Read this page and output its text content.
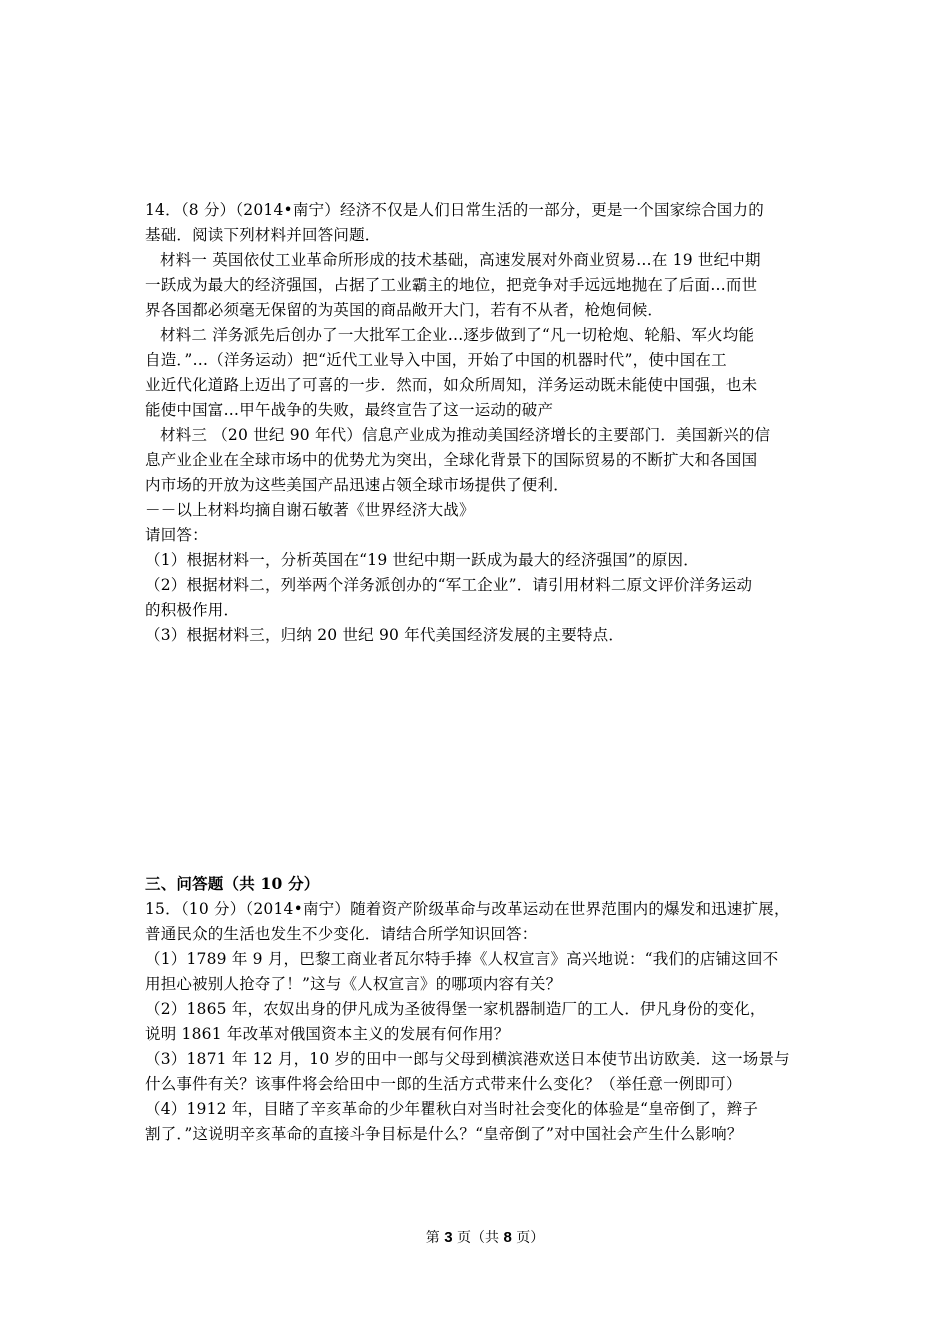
14．（8 分）（2014•南宁）经济不仅是人们日常生活的一部分，更是一个国家综合国力的
基础．阅读下列材料并回答问题．
材料一 英国依仗工业革命所形成的技术基础，高速发展对外商业贸易…在 19 世纪中期
一跃成为最大的经济强国，占据了工业霸主的地位，把竞争对手远远地抛在了后面…而世
界各国都必须毫无保留的为英国的商品敞开大门，若有不从者，枪炮伺候．
材料二 洋务派先后创办了一大批军工企业…逐步做到了“凡一切枪炮、轮船、军火均能
自造．”…（洋务运动）把“近代工业导入中国，开始了中国的机器时代”，使中国在工
业近代化道路上迈出了可喜的一步．然而，如众所周知，洋务运动既未能使中国强，也未
能使中国富…甲午战争的失败，最终宣告了这一运动的破产
材料三 （20 世纪 90 年代）信息产业成为推动美国经济增长的主要部门．美国新兴的信
息产业企业在全球市场中的优势尤为突出，全球化背景下的国际贸易的不断扩大和各国国
内市场的开放为这些美国产品迅速占领全球市场提供了便利．
－－以上材料均摘自谢石敏著《世界经济大战》
请回答：
（1）根据材料一，分析英国在“19 世纪中期一跃成为最大的经济强国”的原因．
（2）根据材料二，列举两个洋务派创办的“军工企业”．请引用材料二原文评价洋务运动
的积极作用．
（3）根据材料三，归纳 20 世纪 90 年代美国经济发展的主要特点．
三、问答题（共 10 分）
15．（10 分）（2014•南宁）随着资产阶级革命与改革运动在世界范围内的爆发和迅速扩展，
普通民众的生活也发生不少变化．请结合所学知识回答：
（1）1789 年 9 月，巴黎工商业者瓦尔特手捧《人权宣言》高兴地说：“我们的店铺这回不
用担心被别人抢夺了！”这与《人权宣言》的哪项内容有关？
（2）1865 年，农奴出身的伊凡成为圣彼得堡一家机器制造厂的工人．伊凡身份的变化，
说明 1861 年改革对俄国资本主义的发展有何作用？
（3）1871 年 12 月，10 岁的田中一郎与父母到横滨港欢送日本使节出访欧美．这一场景与
什么事件有关？该事件将会给田中一郎的生活方式带来什么变化？（举任意一例即可）
（4）1912 年，目睹了辛亥革命的少年瞿秋白对当时社会变化的体验是“皇帝倒了，辫子
割了．”这说明辛亥革命的直接斗争目标是什么？“皇帝倒了”对中国社会产生什么影响？
第 3 页（共 8 页）
